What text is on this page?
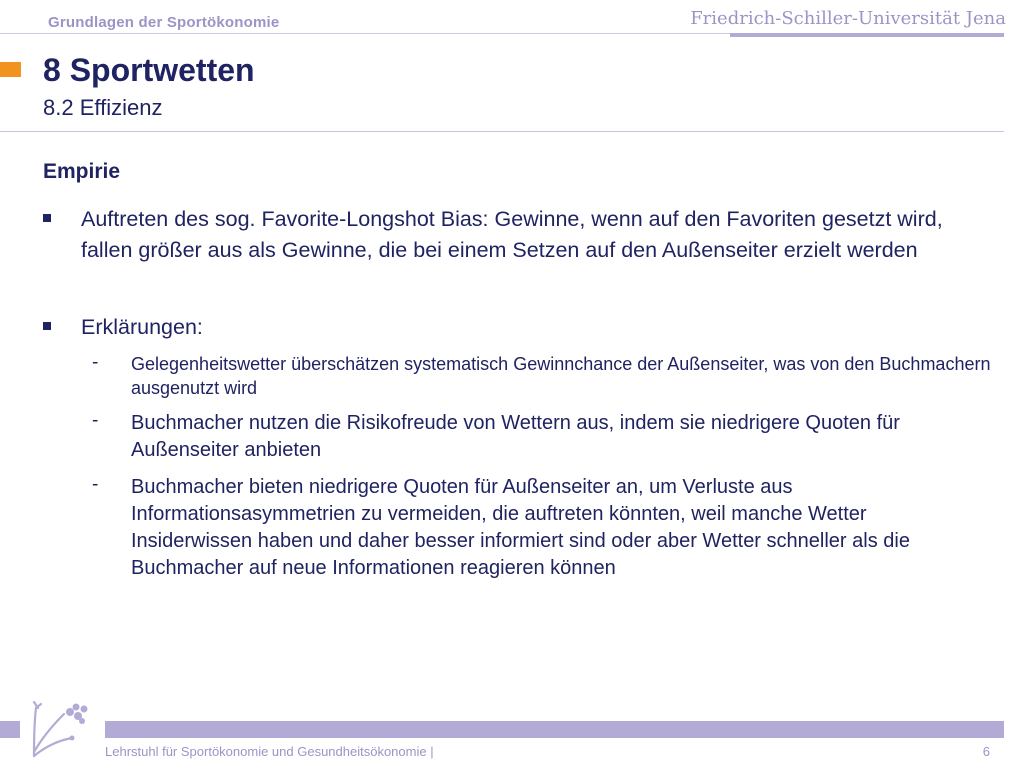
Grundlagen der Sportökonomie	Friedrich-Schiller-Universität Jena
8 Sportwetten
8.2 Effizienz
Empirie
Auftreten des sog. Favorite-Longshot Bias: Gewinne, wenn auf den Favoriten gesetzt wird, fallen größer aus als Gewinne, die bei einem Setzen auf den Außenseiter erzielt werden
Erklärungen:
- Gelegenheitswetter überschätzen systematisch Gewinnchance der Außenseiter, was von den Buchmachern ausgenutzt wird
- Buchmacher nutzen die Risikofreude von Wettern aus, indem sie niedrigere Quoten für Außenseiter anbieten
- Buchmacher bieten niedrigere Quoten für Außenseiter an, um Verluste aus Informationsasymmetrien zu vermeiden, die auftreten könnten, weil manche Wetter Insiderwissen haben und daher besser informiert sind oder aber Wetter schneller als die Buchmacher auf neue Informationen reagieren können
Lehrstuhl für Sportökonomie und Gesundheitsökonomie |	6
